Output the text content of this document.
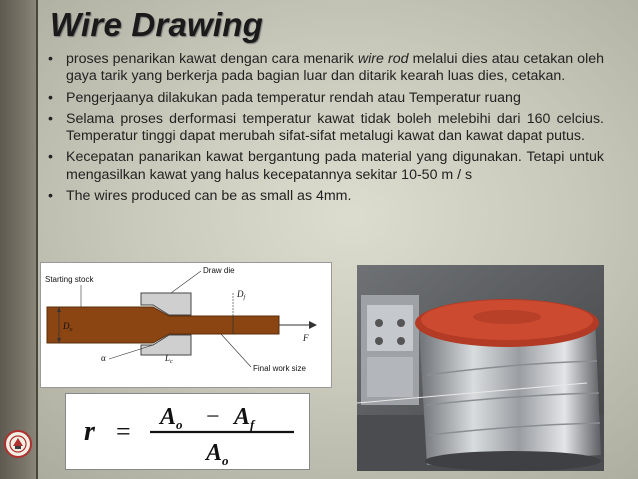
Wire Drawing
• proses penarikan kawat dengan cara menarik wire rod melalui dies atau cetakan oleh gaya tarik yang berkerja pada bagian luar dan ditarik kearah luas dies, cetakan.
• Pengerjaanya dilakukan pada temperatur rendah atau Temperatur ruang
• Selama proses derformasi temperatur kawat tidak boleh melebihi dari 160 celcius. Temperatur tinggi dapat merubah sifat-sifat metalugi kawat dan kawat dapat putus.
• Kecepatan panarikan kawat bergantung pada material yang digunakan. Tetapi untuk mengasilkan kawat yang halus kecepatannya sekitar 10-50 m / s
• The wires produced can be as small as 4mm.
$D_o$
$D_f$
F
α	$L_c$
Starting stock
Draw die
Final work size
$r = A_o - A_f$
$A_o$
